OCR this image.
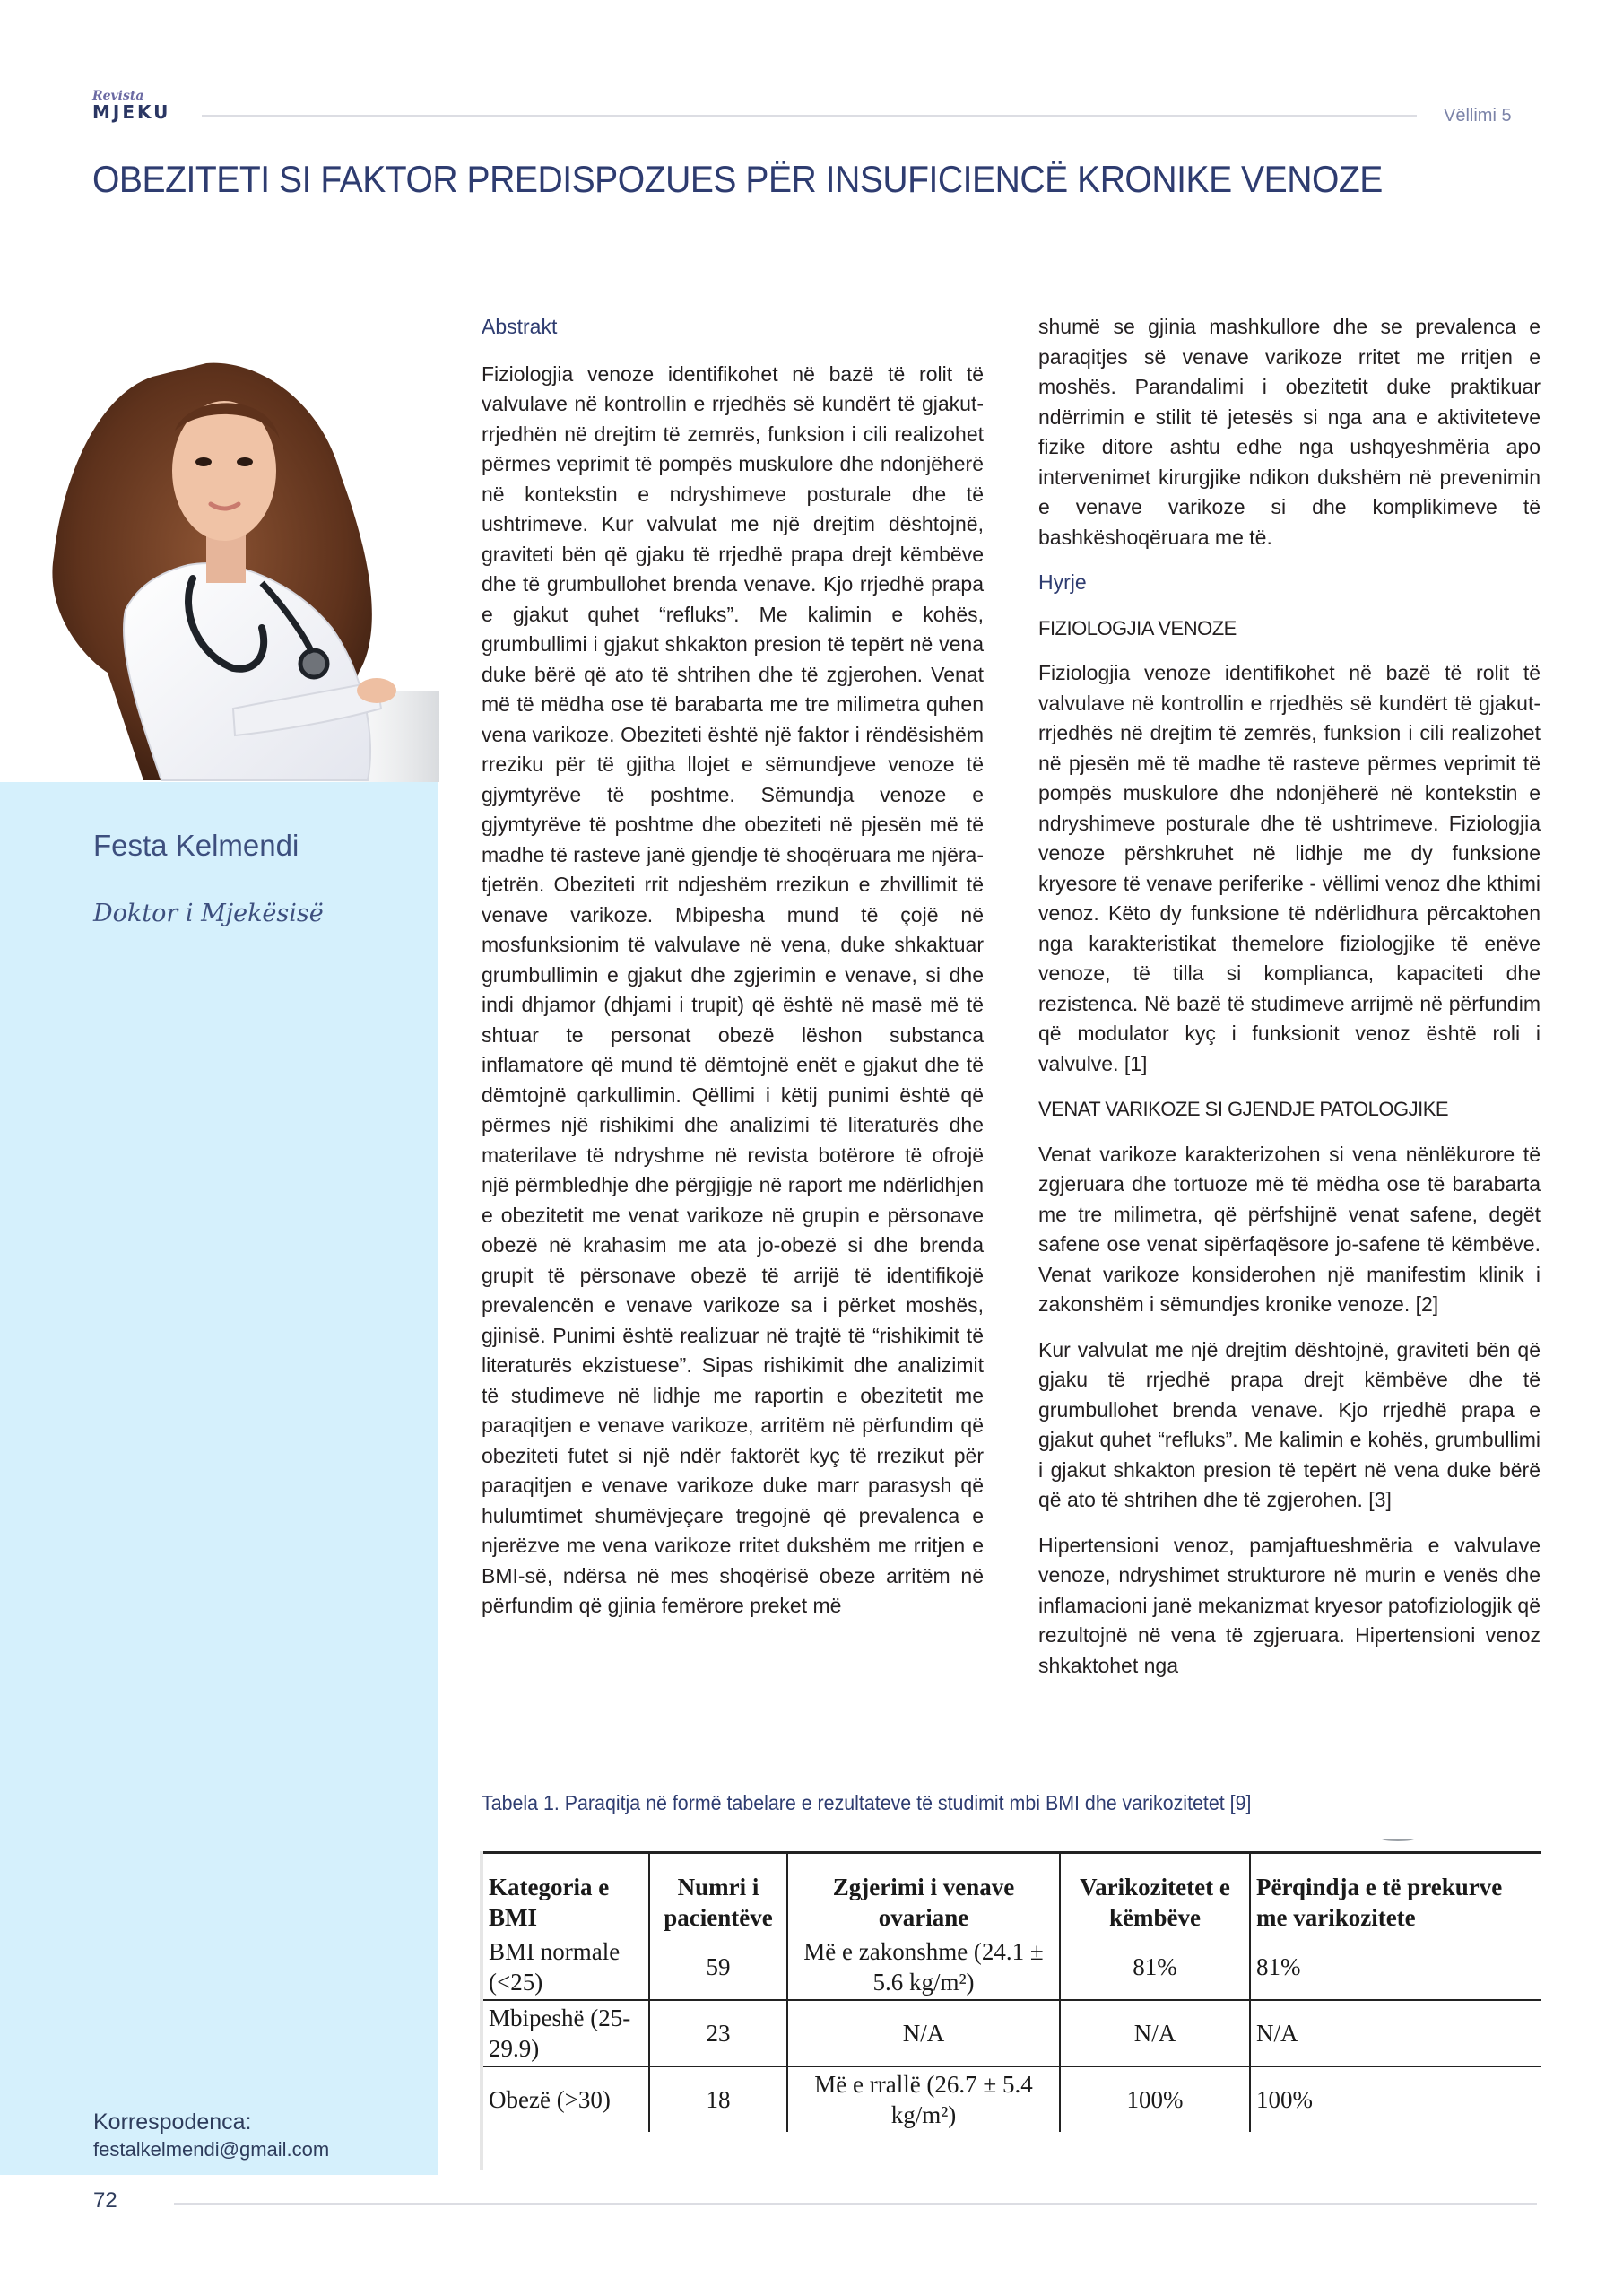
Revista
MJEKU	Vëllimi 5
OBEZITETI SI FAKTOR PREDISPOZUES PËR INSUFICIENCË KRONIKE VENOZE
Festa Kelmendi
Doktor i Mjekësisë
Korrespodenca:
festalkelmendi@gmail.com
Abstrakt

Fiziologjia venoze identifikohet në bazë të rolit të valvulave në kontrollin e rrjedhës së kundërt të gjakut-rrjedhën në drejtim të zemrës, funksion i cili realizohet përmes veprimit të pompës muskulore dhe ndonjëherë në kontekstin e ndryshimeve posturale dhe të ushtrimeve. Kur valvulat me një drejtim dështojnë, graviteti bën që gjaku të rrjedhë prapa drejt këmbëve dhe të grumbullohet brenda venave. Kjo rrjedhë prapa e gjakut quhet “refluks”. Me kalimin e kohës, grumbullimi i gjakut shkakton presion të tepërt në vena duke bërë që ato të shtrihen dhe të zgjerohen. Venat më të mëdha ose të barabarta me tre milimetra quhen vena varikoze. Obeziteti është një faktor i rëndësishëm rreziku për të gjitha llojet e sëmundjeve venoze të gjymtyrëve të poshtme. Sëmundja venoze e gjymtyrëve të poshtme dhe obeziteti në pjesën më të madhe të rasteve janë gjendje të shoqëruara me njëra-tjetrën. Obeziteti rrit ndjeshëm rrezikun e zhvillimit të venave varikoze. Mbipesha mund të çojë në mosfunksionim të valvulave në vena, duke shkaktuar grumbullimin e gjakut dhe zgjerimin e venave, si dhe indi dhjamor (dhjami i trupit) që është në masë më të shtuar te personat obezë lëshon substanca inflamatore që mund të dëmtojnë enët e gjakut dhe të dëmtojnë qarkullimin. Qëllimi i këtij punimi është që përmes një rishikimi dhe analizimi të literaturës dhe materilave të ndryshme në revista botërore të ofrojë një përmbledhje dhe përgjigje në raport me ndërlidhjen e obezitetit me venat varikoze në grupin e përsonave obezë në krahasim me ata jo-obezë si dhe brenda grupit të përsonave obezë të arrijë të identifikojë prevalencën e venave varikoze sa i përket moshës, gjinisë. Punimi është realizuar në trajtë të “rishikimit të literaturës ekzistuese”. Sipas rishikimit dhe analizimit të studimeve në lidhje me raportin e obezitetit me paraqitjen e venave varikoze, arritëm në përfundim që obeziteti futet si një ndër faktorët kyç të rrezikut për paraqitjen e venave varikoze duke marr parasysh që hulumtimet shumëvjeçare tregojnë që prevalenca e njerëzve me vena varikoze rritet dukshëm me rritjen e BMI-së, ndërsa në mes shoqërisë obeze arritëm në përfundim që gjinia femërore preket më

shumë se gjinia mashkullore dhe se prevalenca e paraqitjes së venave varikoze rritet me rritjen e moshës. Parandalimi i obezitetit duke praktikuar ndërrimin e stilit të jetesës si nga ana e aktiviteteve fizike ditore ashtu edhe nga ushqyeshmëria apo intervenimet kirurgjike ndikon dukshëm në prevenimin e venave varikoze si dhe komplikimeve të bashkëshoqëruara me të.

Hyrje
FIZIOLOGJIA VENOZE

Fiziologjia venoze identifikohet në bazë të rolit të valvulave në kontrollin e rrjedhës së kundërt të gjakut-rrjedhës në drejtim të zemrës, funksion i cili realizohet në pjesën më të madhe të rasteve përmes veprimit të pompës muskulore dhe ndonjëherë në kontekstin e ndryshimeve posturale dhe të ushtrimeve. Fiziologjia venoze përshkruhet në lidhje me dy funksione kryesore të venave periferike - vëllimi venoz dhe kthimi venoz. Këto dy funksione të ndërlidhura përcaktohen nga karakteristikat themelore fiziologjike të enëve venoze, të tilla si komplianca, kapaciteti dhe rezistenca. Në bazë të studimeve arrijmë në përfundim që modulator kyç i funksionit venoz është roli i valvulve. [1]

VENAT VARIKOZE SI GJENDJE PATOLOGJIKE

Venat varikoze karakterizohen si vena nënlëkurore të zgjeruara dhe tortuoze më të mëdha ose të barabarta me tre milimetra, që përfshijnë venat safene, degët safene ose venat sipërfaqësore jo-safene të këmbëve. Venat varikoze konsiderohen një manifestim klinik i zakonshëm i sëmundjes kronike venoze. [2]

Kur valvulat me një drejtim dështojnë, graviteti bën që gjaku të rrjedhë prapa drejt këmbëve dhe të grumbullohet brenda venave. Kjo rrjedhë prapa e gjakut quhet “refluks”. Me kalimin e kohës, grumbullimi i gjakut shkakton presion të tepërt në vena duke bërë që ato të shtrihen dhe të zgjerohen. [3]

Hipertensioni venoz, pamjaftueshmëria e valvulave venoze, ndryshimet strukturore në murin e venës dhe inflamacioni janë mekanizmat kryesor patofiziologjik që rezultojnë në vena të zgjeruara. Hipertensioni venoz shkaktohet nga

Tabela 1. Paraqitja në formë tabelare e rezultateve të studimit mbi BMI dhe varikozitetet [9]
Kategoria e BMI	Numri i pacientëve	Zgjerimi i venave ovariane	Varikozitetet e këmbëve	Përqindja e të prekurve me varikozitete
BMI normale (<25)	59	Më e zakonshme (24.1 ± 5.6 kg/m²)	81%	81%
Mbipeshë (25-29.9)	23	N/A	N/A	N/A
Obezë (>30)	18	Më e rrallë (26.7 ± 5.4 kg/m²)	100%	100%
72
